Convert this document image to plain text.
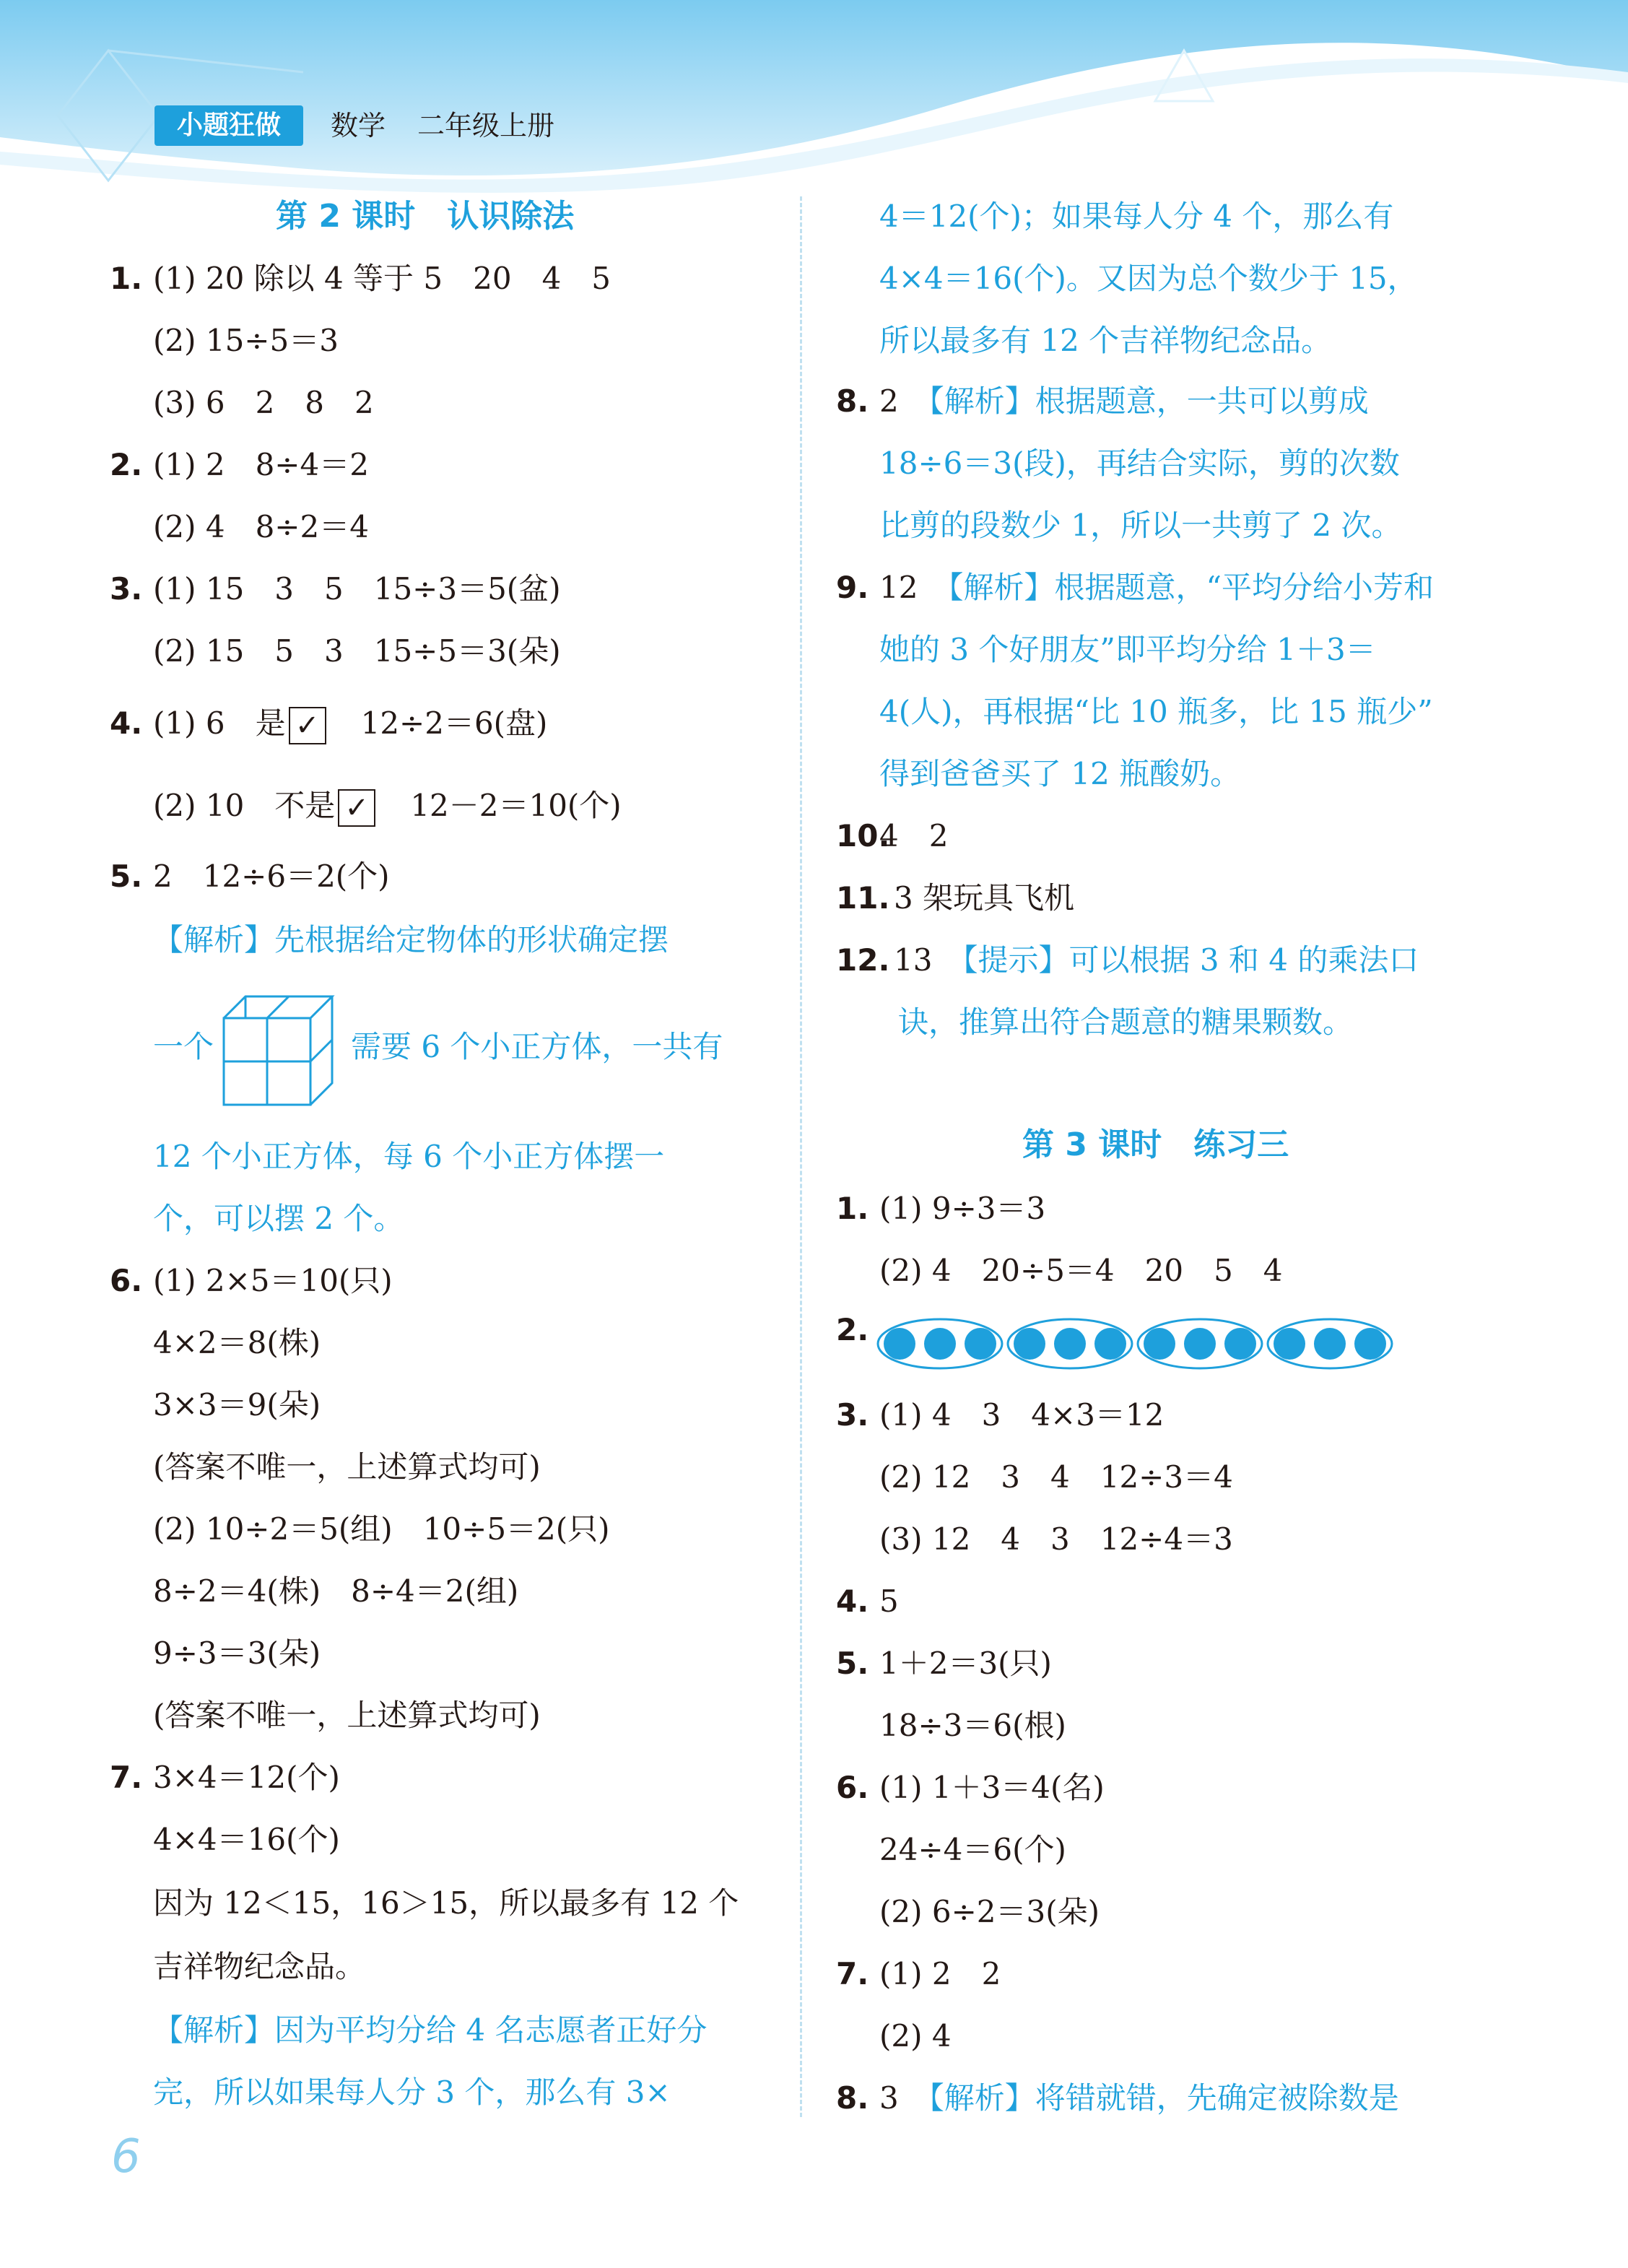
小题狂做	数学 二年级上册
第 2 课时　认识除法
1. (1) 20 除以 4 等于 5　20　4　5
(2) 15÷5＝3
(3) 6　2　8　2
2. (1) 2　8÷4＝2
(2) 4　8÷2＝4
3. (1) 15　3　5　15÷3＝5(盆)
(2) 15　5　3　15÷5＝3(朵)
4. (1) 6　是 ✓　 12÷2＝6(盘)
(2) 10　不是 ✓　 12－2＝10(个)
5. 2　12÷6＝2(个)
【解析】先根据给定物体的形状确定摆
一个	需要 6 个小正方体，一共有
12 个小正方体，每 6 个小正方体摆一
个，可以摆 2 个。
6. (1) 2×5＝10(只)
4×2＝8(株)
3×3＝9(朵)
(答案不唯一，上述算式均可)
(2) 10÷2＝5(组)　10÷5＝2(只)
8÷2＝4(株)　8÷4＝2(组)
9÷3＝3(朵)
(答案不唯一，上述算式均可)
7. 3×4＝12(个)
4×4＝16(个)
因为 12＜15，16＞15，所以最多有 12 个
吉祥物纪念品。
【解析】因为平均分给 4 名志愿者正好分
完，所以如果每人分 3 个，那么有 3×
4＝12(个)；如果每人分 4 个，那么有
4×4＝16(个)。又因为总个数少于 15，
所以最多有 12 个吉祥物纪念品。
8. 2　 【解析】根据题意，一共可以剪成
18÷6＝3(段)，再结合实际，剪的次数
比剪的段数少 1，所以一共剪了 2 次。
9. 12　 【解析】根据题意，“平均分给小芳和
她的 3 个好朋友”即平均分给 1＋3＝
4(人)，再根据“比 10 瓶多，比 15 瓶少”
得到爸爸买了 12 瓶酸奶。
10.
4　2
11. 3 架玩具飞机
12. 13　 【提示】可以根据 3 和 4 的乘法口
诀，推算出符合题意的糖果颗数。
第 3 课时　练习三
1. (1) 9÷3＝3
(2) 4　20÷5＝4　20　5　4
2.
3. (1) 4　3　4×3＝12
(2) 12　3　4　12÷3＝4
(3) 12　4　3　12÷4＝3
4. 5
5. 1＋2＝3(只)
18÷3＝6(根)
6. (1) 1＋3＝4(名)
24÷4＝6(个)
(2) 6÷2＝3(朵)
7. (1) 2　2
(2) 4
8. 3　 【解析】将错就错，先确定被除数是
6
